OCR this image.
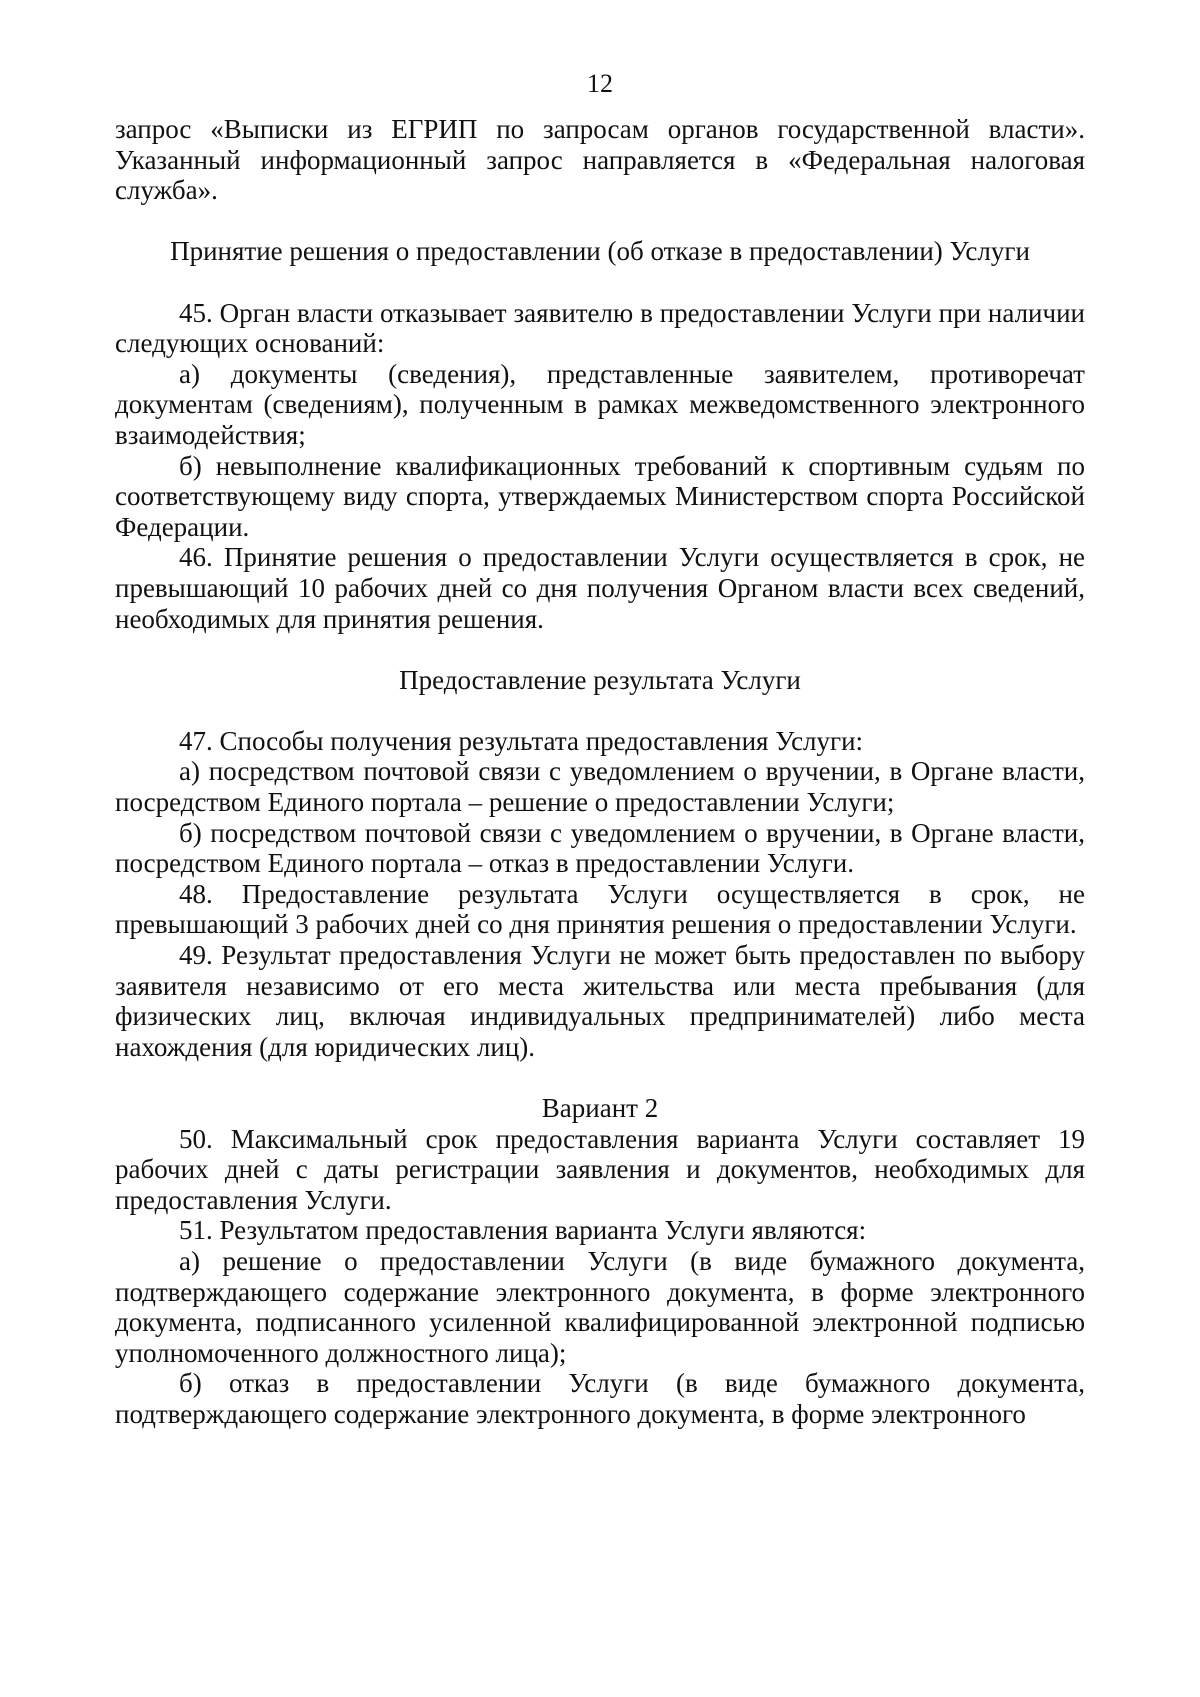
12

запрос «Выписки из ЕГРИП по запросам органов государственной власти». Указанный информационный запрос направляется в «Федеральная налоговая служба».

Принятие решения о предоставлении (об отказе в предоставлении) Услуги

45. Орган власти отказывает заявителю в предоставлении Услуги при наличии следующих оснований:

а) документы (сведения), представленные заявителем, противоречат документам (сведениям), полученным в рамках межведомственного электронного взаимодействия;

б) невыполнение квалификационных требований к спортивным судьям по соответствующему виду спорта, утверждаемых Министерством спорта Российской Федерации.

46. Принятие решения о предоставлении Услуги осуществляется в срок, не превышающий 10 рабочих дней со дня получения Органом власти всех сведений, необходимых для принятия решения.

Предоставление результата Услуги

47. Способы получения результата предоставления Услуги:

а) посредством почтовой связи с уведомлением о вручении, в Органе власти, посредством Единого портала – решение о предоставлении Услуги;

б) посредством почтовой связи с уведомлением о вручении, в Органе власти, посредством Единого портала – отказ в предоставлении Услуги.

48. Предоставление результата Услуги осуществляется в срок, не превышающий 3 рабочих дней со дня принятия решения о предоставлении Услуги.

49. Результат предоставления Услуги не может быть предоставлен по выбору заявителя независимо от его места жительства или места пребывания (для физических лиц, включая индивидуальных предпринимателей) либо места нахождения (для юридических лиц).

Вариант 2

50. Максимальный срок предоставления варианта Услуги составляет 19 рабочих дней с даты регистрации заявления и документов, необходимых для предоставления Услуги.

51. Результатом предоставления варианта Услуги являются:

а) решение о предоставлении Услуги (в виде бумажного документа, подтверждающего содержание электронного документа, в форме электронного документа, подписанного усиленной квалифицированной электронной подписью уполномоченного должностного лица);

б) отказ в предоставлении Услуги (в виде бумажного документа, подтверждающего содержание электронного документа, в форме электронного
